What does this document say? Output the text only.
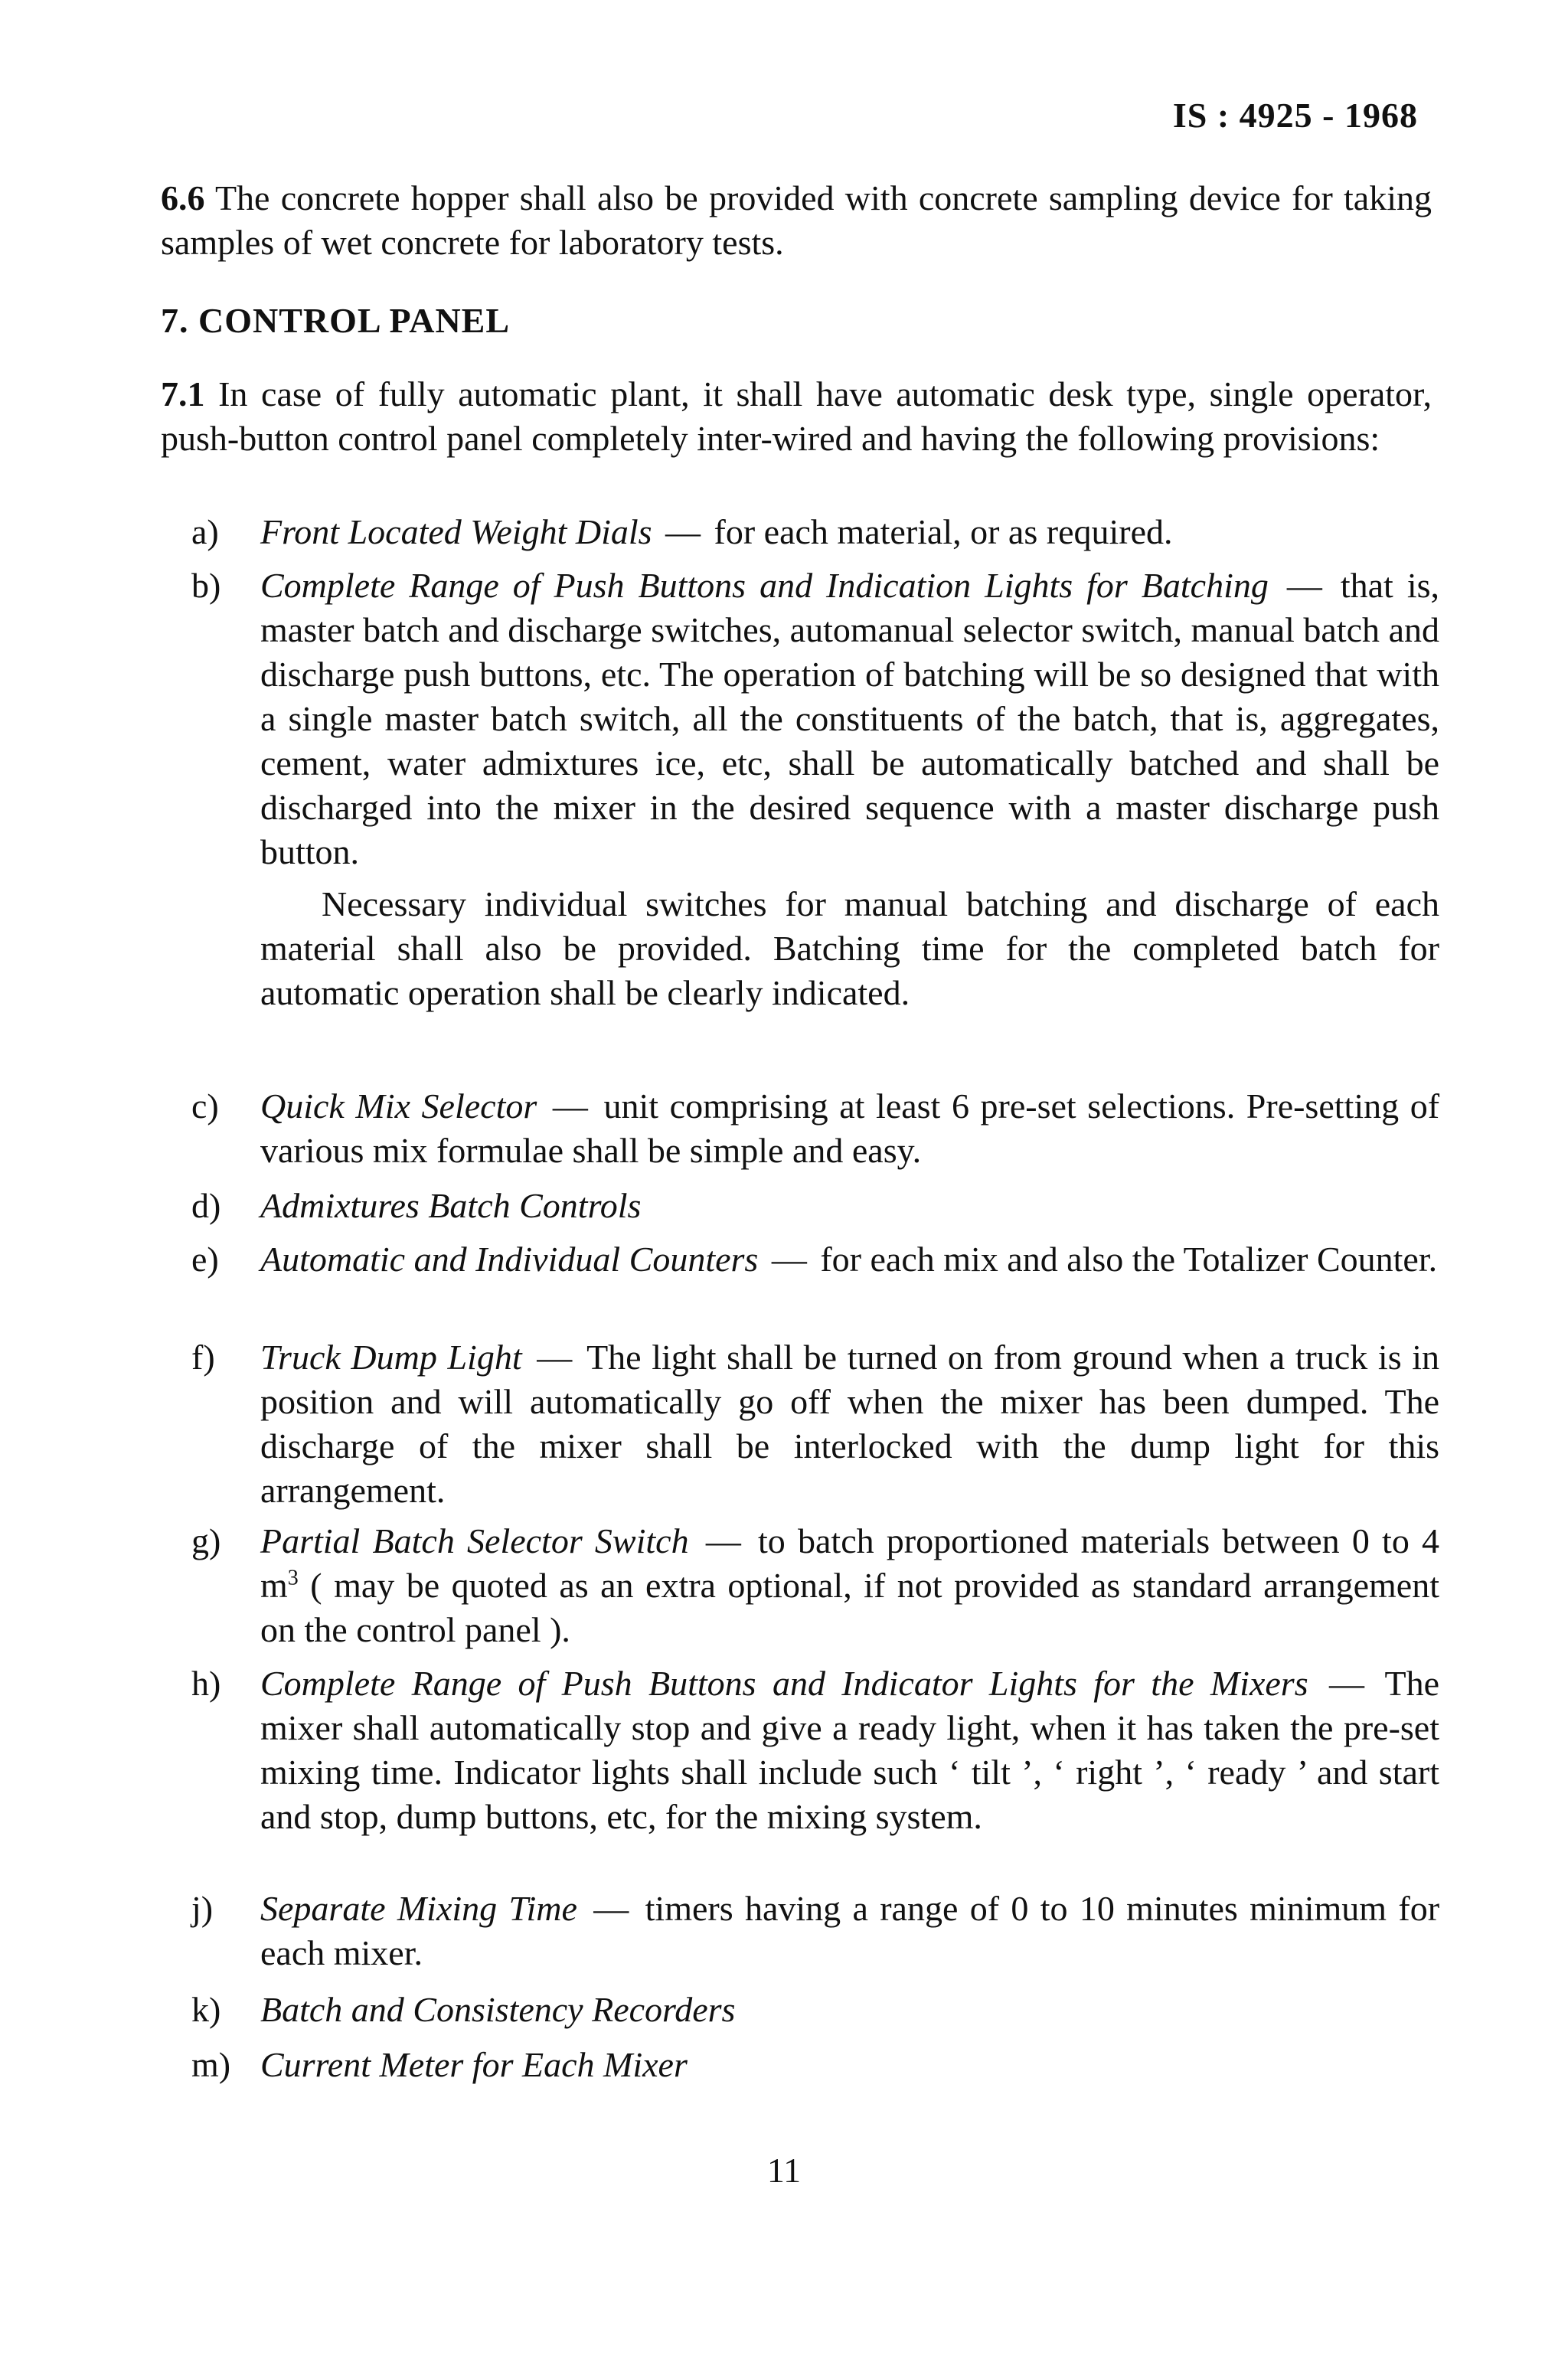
IS : 4925 - 1968
6.6 The concrete hopper shall also be provided with concrete sampling device for taking samples of wet concrete for laboratory tests.
7. CONTROL PANEL
7.1 In case of fully automatic plant, it shall have automatic desk type, single operator, push-button control panel completely inter-wired and having the following provisions:
a)	Front Located Weight Dials — for each material, or as required.
b)	Complete Range of Push Buttons and Indication Lights for Batching — that is, master batch and discharge switches, automanual selector switch, manual batch and discharge push buttons, etc. The operation of batching will be so designed that with a single master batch switch, all the constituents of the batch, that is, aggregates, cement, water admixtures ice, etc, shall be automatically batched and shall be discharged into the mixer in the desired sequence with a master discharge push button.
Necessary individual switches for manual batching and discharge of each material shall also be provided. Batching time for the completed batch for automatic operation shall be clearly indicated.
c)	Quick Mix Selector — unit comprising at least 6 pre-set selections. Pre-setting of various mix formulae shall be simple and easy.
d)	Admixtures Batch Controls
e)	Automatic and Individual Counters — for each mix and also the Totalizer Counter.
f)	Truck Dump Light — The light shall be turned on from ground when a truck is in position and will automatically go off when the mixer has been dumped. The discharge of the mixer shall be interlocked with the dump light for this arrangement.
g)	Partial Batch Selector Switch — to batch proportioned materials between 0 to 4 $m^3$ ( may be quoted as an extra optional, if not provided as standard arrangement on the control panel ).
h)	Complete Range of Push Buttons and Indicator Lights for the Mixers — The mixer shall automatically stop and give a ready light, when it has taken the pre-set mixing time. Indicator lights shall include such ‘ tilt ’, ‘ right ’, ‘ ready ’ and start and stop, dump buttons, etc, for the mixing system.
j)	Separate Mixing Time — timers having a range of 0 to 10 minutes minimum for each mixer.
k)	Batch and Consistency Recorders
m) Current Meter for Each Mixer
11
